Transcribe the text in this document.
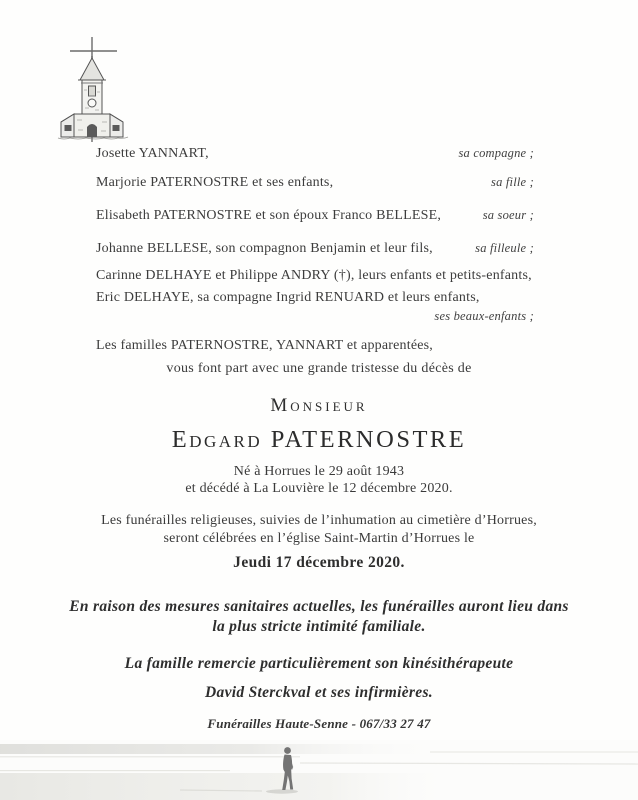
Josette YANNART,	sa compagne ;
Marjorie PATERNOSTRE et ses enfants,	sa fille ;
Elisabeth PATERNOSTRE et son époux Franco BELLESE,	sa soeur ;
Johanne BELLESE, son compagnon Benjamin et leur fils,	sa filleule ;
Carinne DELHAYE et Philippe ANDRY (†), leurs enfants et petits-enfants,
Eric DELHAYE, sa compagne Ingrid RENUARD et leurs enfants,
ses beaux-enfants ;
Les familles PATERNOSTRE, YANNART et apparentées,
vous font part avec une grande tristesse du décès de
Monsieur
Edgard PATERNOSTRE
Né à Horrues le 29 août 1943
et décédé à La Louvière le 12 décembre 2020.
Les funérailles religieuses, suivies de l’inhumation au cimetière d’Horrues,
seront célébrées en l’église Saint-Martin d’Horrues le
Jeudi 17 décembre 2020.
En raison des mesures sanitaires actuelles, les funérailles auront lieu dans
la plus stricte intimité familiale.
La famille remercie particulièrement son kinésithérapeute
David Sterckval et ses infirmières.
Funérailles Haute-Senne - 067/33 27 47
